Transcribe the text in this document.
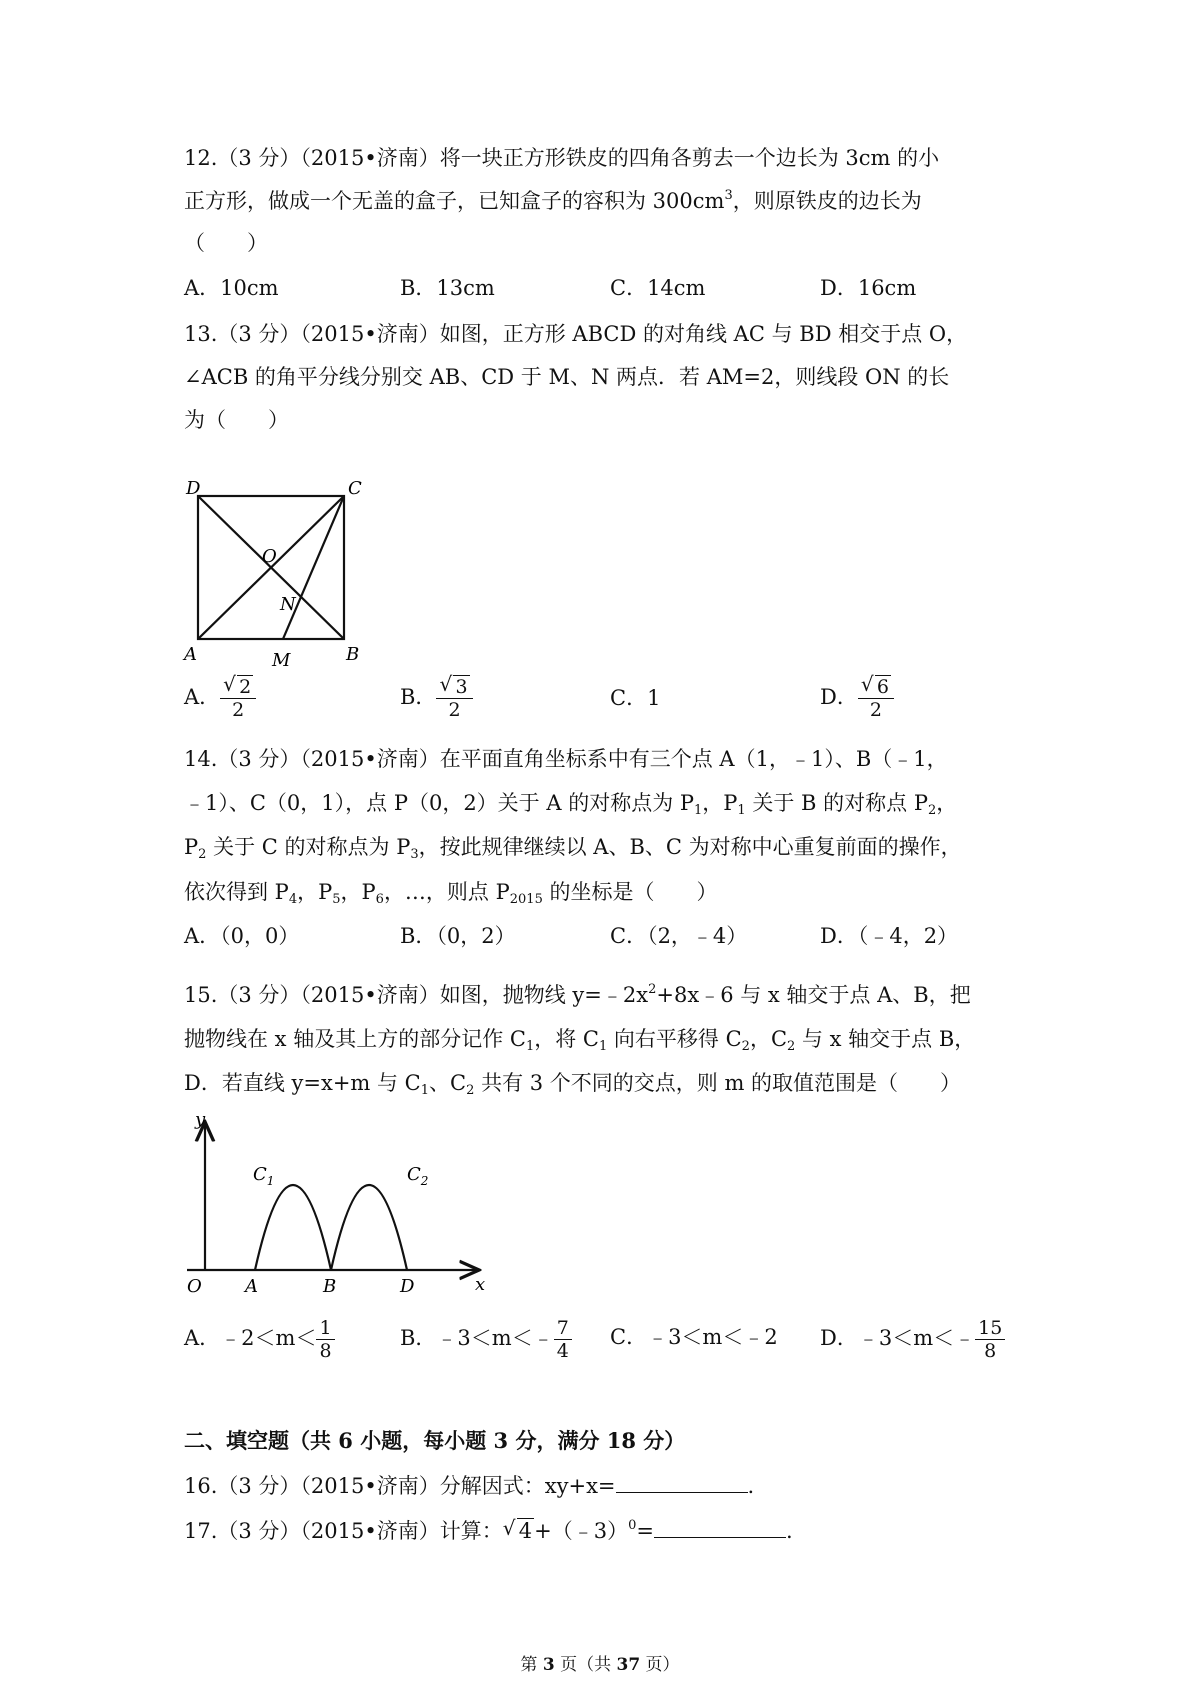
12.（3 分）（2015•济南）将一块正方形铁皮的四角各剪去一个边长为 3cm 的小
正方形，做成一个无盖的盒子，已知盒子的容积为 $300cm^3$，则原铁皮的边长为
（　　）
A．10cm	B．13cm	C．14cm	D．16cm
13.（3 分）（2015•济南）如图，正方形 ABCD 的对角线 AC 与 BD 相交于点 O，
∠ACB 的角平分线分别交 AB、CD 于 M、N 两点．若 AM=2，则线段 ON 的长
为（　　）
D	C
O
N
A	M	B
A． $\frac{√ 2}{2}$	B． $\frac{√ 3}{2}$	C．1	D． $\frac{√ 6}{2}$
14.（3 分）（2015•济南）在平面直角坐标系中有三个点 A（1，﹣1）、B（﹣1，
﹣1）、C（0，1），点 P（0，2）关于 A 的对称点为 $P_1$，$P_1$ 关于 B 的对称点 $P_2$，
$P_2$ 关于 C 的对称点为 $P_3$，按此规律继续以 A、B、C 为对称中心重复前面的操作，
依次得到 $P_4$，$P_5$，$P_6$，…，则点 $P_{2015}$ 的坐标是（　　）
A．（0，0）	B．（0，2）	C．（2，﹣4）	D．（﹣4，2）
15.（3 分）（2015•济南）如图，抛物线 $y=﹣2x^2+8x﹣6$ 与 x 轴交于点 A、B，把
抛物线在 x 轴及其上方的部分记作 $C_1$，将 $C_1$ 向右平移得 $C_2$，$C_2$ 与 x 轴交于点 B，
D．若直线 y=x+m 与 $C_1$、$C_2$ 共有 3 个不同的交点，则 m 的取值范围是（　　）
y
x
O A	B	D
$C_1$	$C_2$
A．﹣2＜m＜ $\frac{1}{8}$	B．﹣3＜m＜﹣ $\frac{7}{4}$ C．﹣3＜m＜﹣2 D．﹣3＜m＜﹣ $\frac{15}{8}$
二、填空题（共 6 小题，每小题 3 分，满分 18 分）
16.（3 分）（2015•济南）分解因式：xy+x=	.
17.（3 分）（2015•济南）计算： √ 4+（﹣3）$^0$=	.
第 3 页（共 37 页）
